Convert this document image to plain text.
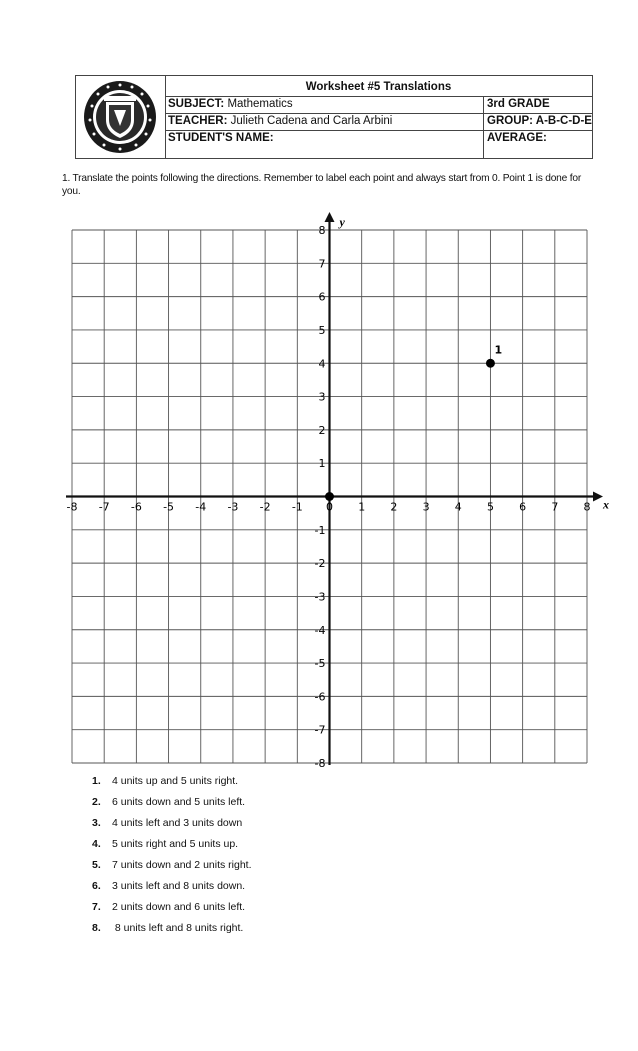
Worksheet #5 Translations
SUBJECT: Mathematics	3rd GRADE
TEACHER: Julieth Cadena and Carla Arbini	GROUP: A-B-C-D-E
STUDENT'S NAME:	AVERAGE:
1. Translate the points following the directions. Remember to label each point and always start from 0. Point 1 is done for you.
x
y
-8 -7 -6 -5 -4 -3 -2 -1 0 1 2 3 4 5 6 7 8
8
7
6
5
4
3
2
1
-1
-2
-3
-4
-5
-6
-7
-8
1
1. 4 units up and 5 units right.
2. 6 units down and 5 units left.
3. 4 units left and 3 units down
4. 5 units right and 5 units up.
5. 7 units down and 2 units right.
6. 3 units left and 8 units down.
7. 2 units down and 6 units left.
8. 8 units left and 8 units right.
